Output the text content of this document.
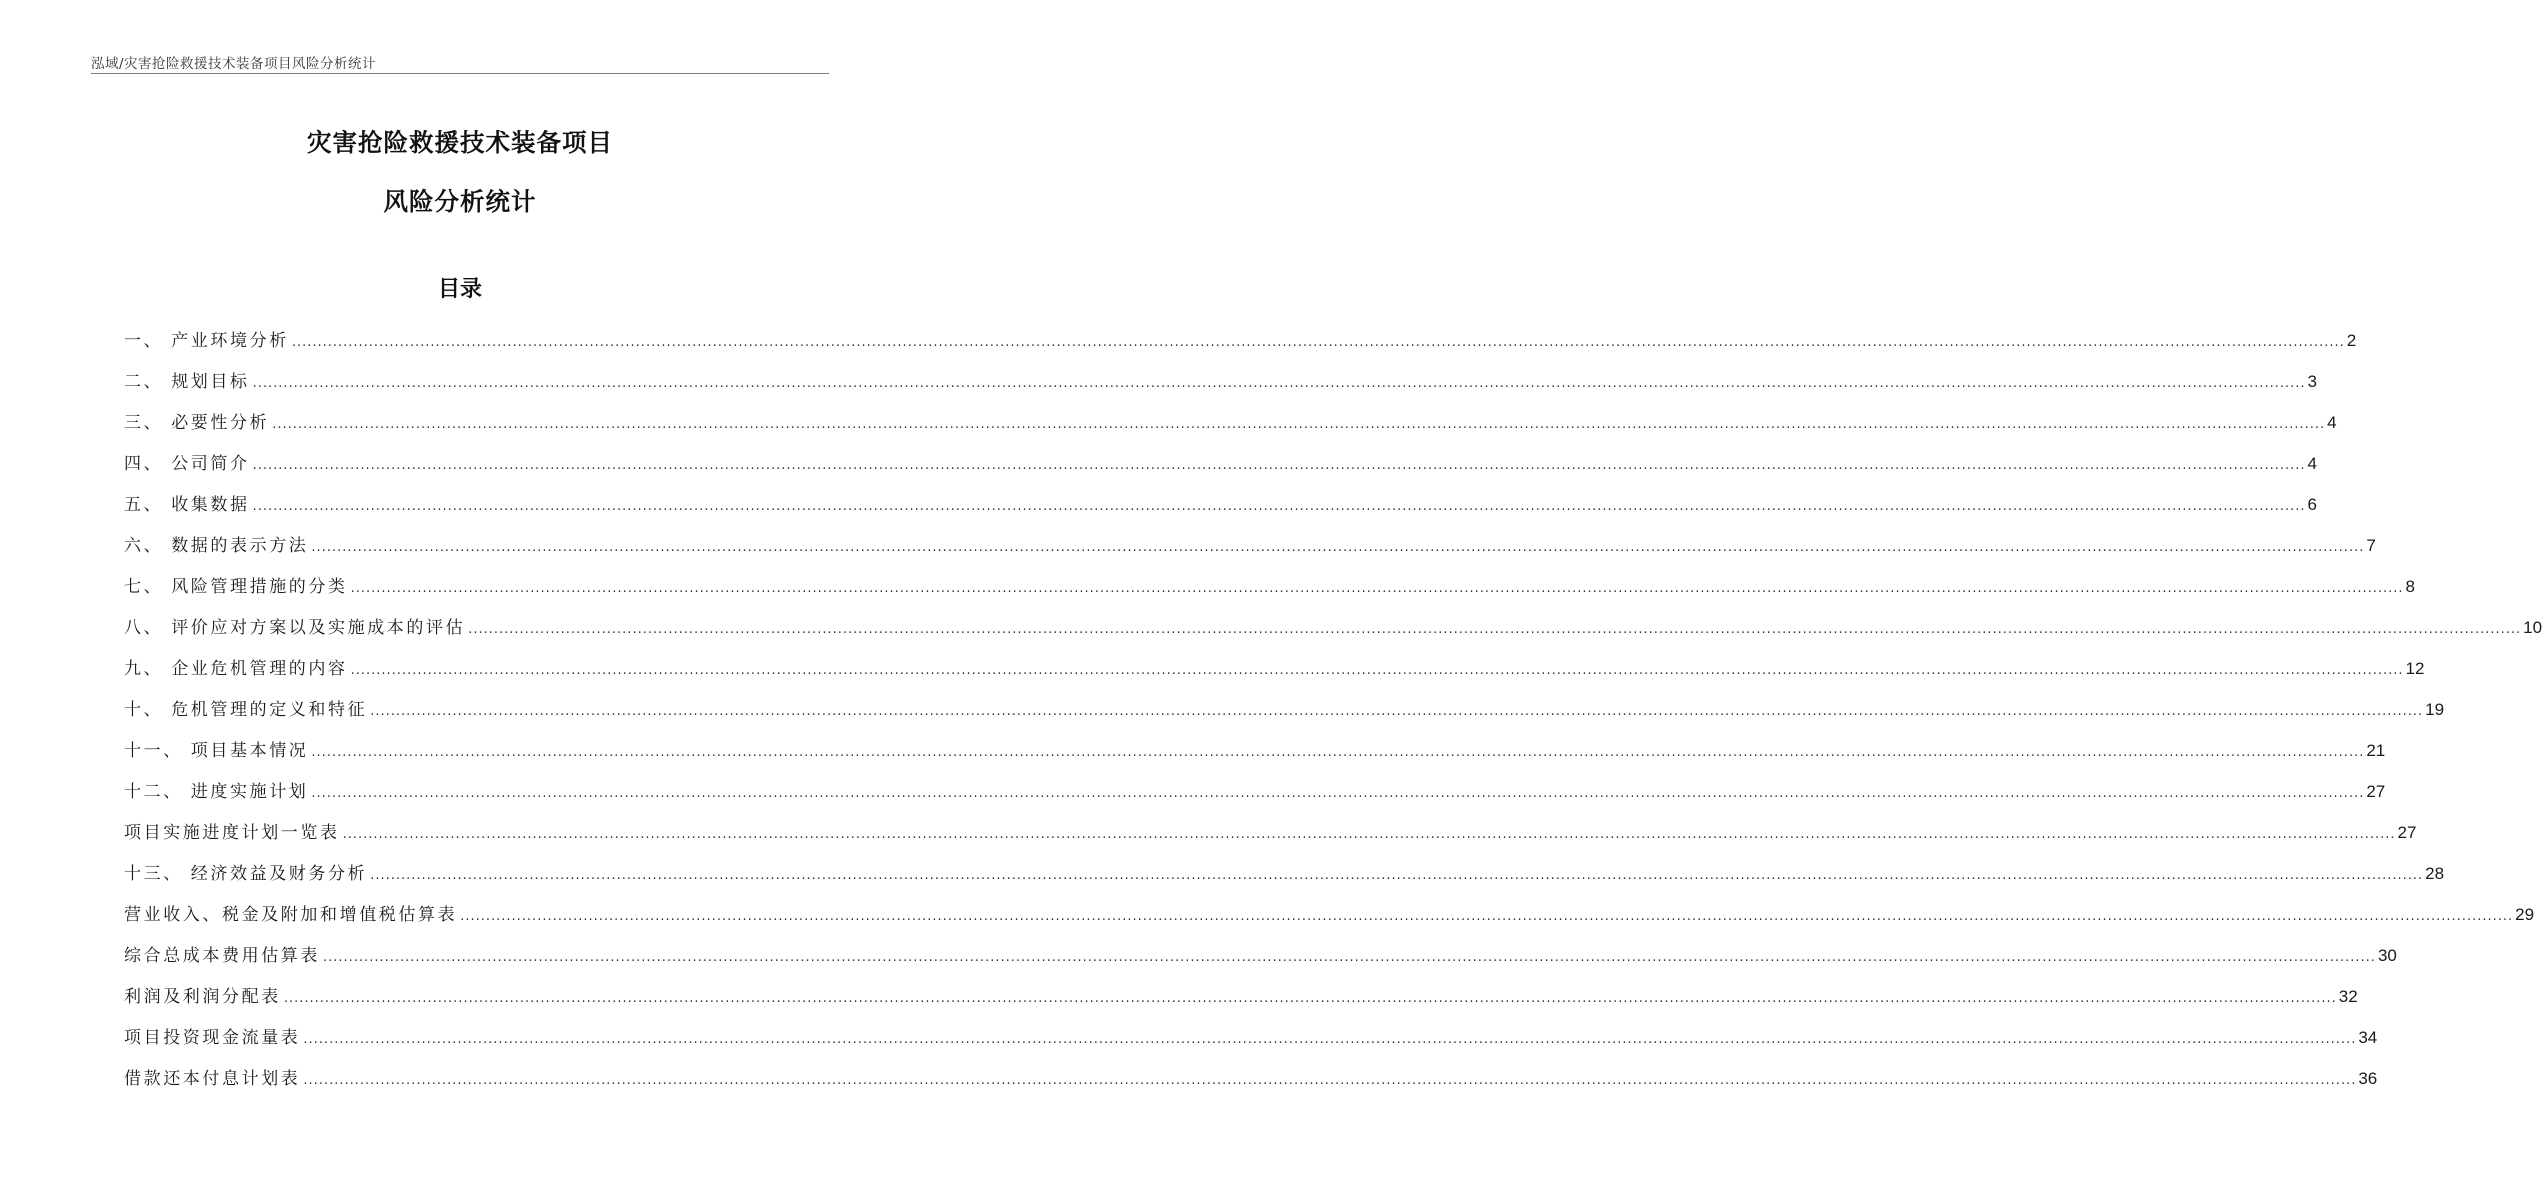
泓域/灾害抢险救援技术装备项目风险分析统计
灾害抢险救援技术装备项目
风险分析统计
目录
一、 产业环境分析 ................................................................................................................................................................................................................................................................................................................................................................................................................ 2
二、 规划目标 ................................................................................................................................................................................................................................................................................................................................................................................................................ 3
三、 必要性分析 ................................................................................................................................................................................................................................................................................................................................................................................................................ 4
四、 公司简介 ................................................................................................................................................................................................................................................................................................................................................................................................................ 4
五、 收集数据 ................................................................................................................................................................................................................................................................................................................................................................................................................ 6
六、 数据的表示方法 ................................................................................................................................................................................................................................................................................................................................................................................................................ 7
七、 风险管理措施的分类 ................................................................................................................................................................................................................................................................................................................................................................................................................ 8
八、 评价应对方案以及实施成本的评估 ................................................................................................................................................................................................................................................................................................................................................................................................................ 10
九、 企业危机管理的内容 ................................................................................................................................................................................................................................................................................................................................................................................................................ 12
十、 危机管理的定义和特征 ................................................................................................................................................................................................................................................................................................................................................................................................................ 19
十一、 项目基本情况 ................................................................................................................................................................................................................................................................................................................................................................................................................ 21
十二、 进度实施计划 ................................................................................................................................................................................................................................................................................................................................................................................................................ 27
项目实施进度计划一览表 ................................................................................................................................................................................................................................................................................................................................................................................................................ 27
十三、 经济效益及财务分析 ................................................................................................................................................................................................................................................................................................................................................................................................................ 28
营业收入、税金及附加和增值税估算表 ................................................................................................................................................................................................................................................................................................................................................................................................................ 29
综合总成本费用估算表 ................................................................................................................................................................................................................................................................................................................................................................................................................ 30
利润及利润分配表 ................................................................................................................................................................................................................................................................................................................................................................................................................ 32
项目投资现金流量表 ................................................................................................................................................................................................................................................................................................................................................................................................................ 34
借款还本付息计划表 ................................................................................................................................................................................................................................................................................................................................................................................................................ 36
